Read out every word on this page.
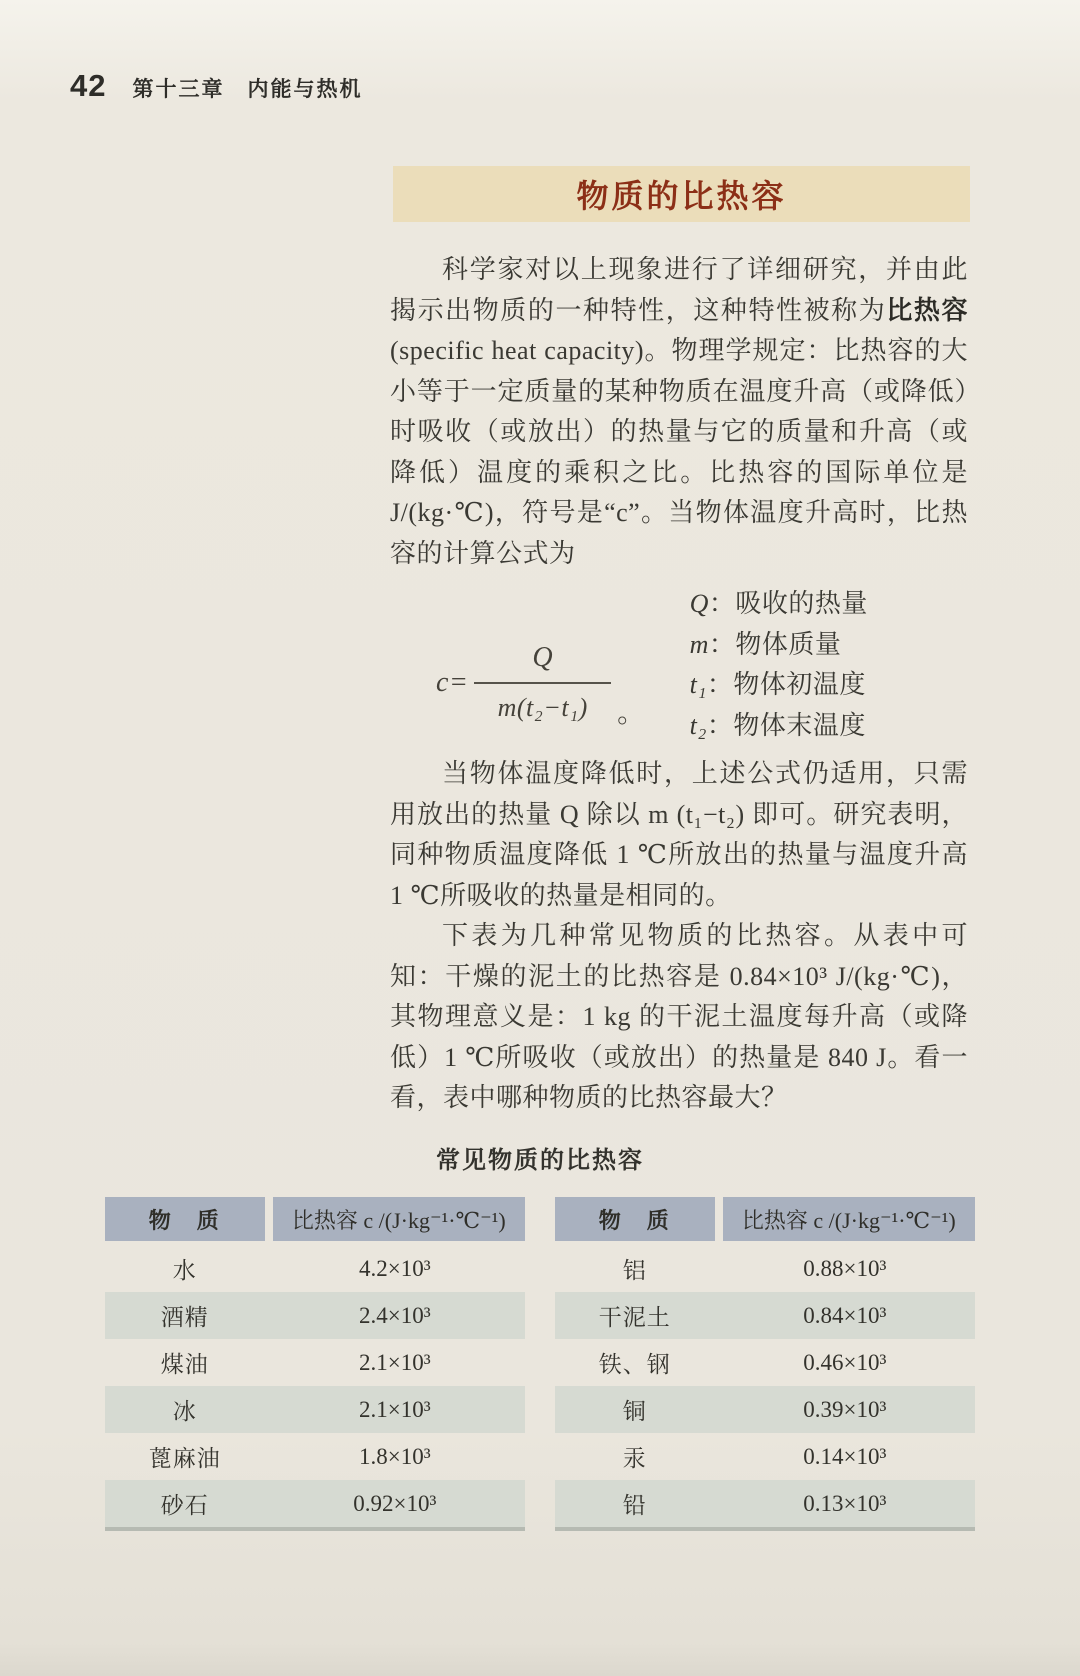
42 第十三章　内能与热机
物质的比热容

科学家对以上现象进行了详细研究，并由此揭示出物质的一种特性，这种特性被称为比热容(specific heat capacity)。物理学规定：比热容的大小等于一定质量的某种物质在温度升高（或降低）时吸收（或放出）的热量与它的质量和升高（或降低）温度的乘积之比。比热容的国际单位是 J/(kg·℃)，符号是“c”。当物体温度升高时，比热容的计算公式为

$c = \frac{Q}{\text{m(t₂−t₁)}}$ 。
Q：吸收的热量
m：物体质量
t₁：物体初温度
t₂：物体末温度

当物体温度降低时，上述公式仍适用，只需用放出的热量 Q 除以 m (t₁−t₂) 即可。研究表明，同种物质温度降低 1 ℃所放出的热量与温度升高 1 ℃所吸收的热量是相同的。

下表为几种常见物质的比热容。从表中可知：干燥的泥土的比热容是 0.84×10³ J/(kg·℃)，其物理意义是：1 kg 的干泥土温度每升高（或降低）1 ℃所吸收（或放出）的热量是 840 J。看一看，表中哪种物质的比热容最大？

常见物质的比热容
物　质	比热容 c /(J·kg⁻¹·℃⁻¹)
水	4.2×10³
酒精	2.4×10³
煤油	2.1×10³
冰	2.1×10³
蓖麻油	1.8×10³
砂石	0.92×10³
物　质	比热容 c /(J·kg⁻¹·℃⁻¹)
铝	0.88×10³
干泥土	0.84×10³
铁、钢	0.46×10³
铜	0.39×10³
汞	0.14×10³
铅	0.13×10³
